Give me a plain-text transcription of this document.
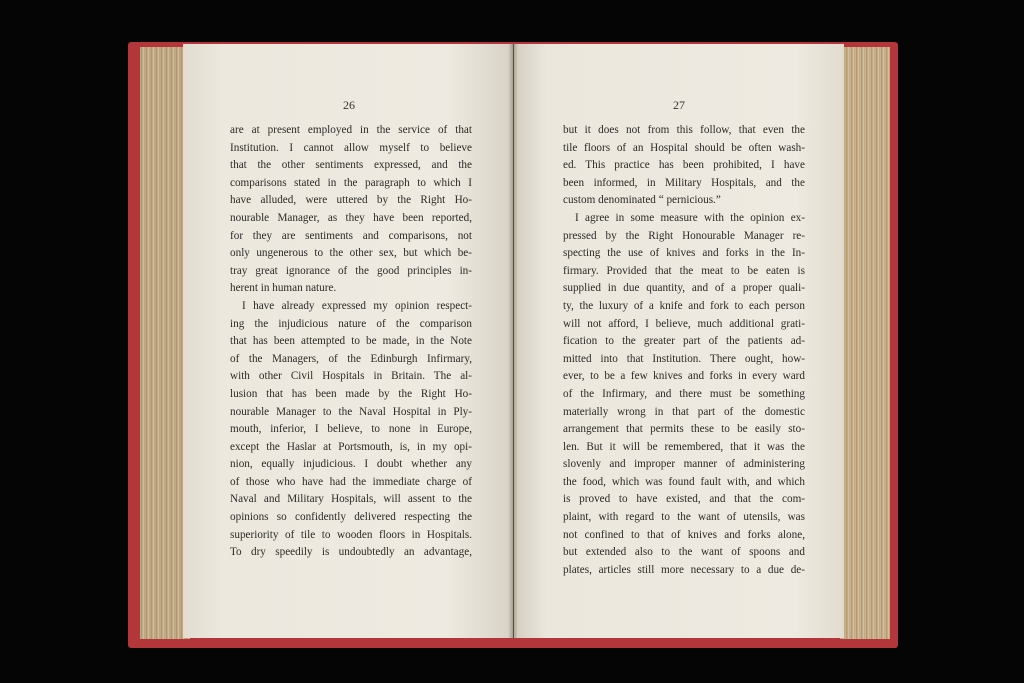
26	27
are at present employed in the service of that
Institution. I cannot allow myself to believe
that the other sentiments expressed, and the
comparisons stated in the paragraph to which I
have alluded, were uttered by the Right Ho-
nourable Manager, as they have been reported,
for they are sentiments and comparisons, not
only ungenerous to the other sex, but which be-
tray great ignorance of the good principles in-
herent in human nature.
I have already expressed my opinion respect-
ing the injudicious nature of the comparison
that has been attempted to be made, in the Note
of the Managers, of the Edinburgh Infirmary,
with other Civil Hospitals in Britain. The al-
lusion that has been made by the Right Ho-
nourable Manager to the Naval Hospital in Ply-
mouth, inferior, I believe, to none in Europe,
except the Haslar at Portsmouth, is, in my opi-
nion, equally injudicious. I doubt whether any
of those who have had the immediate charge of
Naval and Military Hospitals, will assent to the
opinions so confidently delivered respecting the
superiority of tile to wooden floors in Hospitals.
To dry speedily is undoubtedly an advantage,
but it does not from this follow, that even the
tile floors of an Hospital should be often wash-
ed. This practice has been prohibited, I have
been informed, in Military Hospitals, and the
custom denominated “ pernicious.”
I agree in some measure with the opinion ex-
pressed by the Right Honourable Manager re-
specting the use of knives and forks in the In-
firmary. Provided that the meat to be eaten is
supplied in due quantity, and of a proper quali-
ty, the luxury of a knife and fork to each person
will not afford, I believe, much additional grati-
fication to the greater part of the patients ad-
mitted into that Institution. There ought, how-
ever, to be a few knives and forks in every ward
of the Infirmary, and there must be something
materially wrong in that part of the domestic
arrangement that permits these to be easily sto-
len. But it will be remembered, that it was the
slovenly and improper manner of administering
the food, which was found fault with, and which
is proved to have existed, and that the com-
plaint, with regard to the want of utensils, was
not confined to that of knives and forks alone,
but extended also to the want of spoons and
plates, articles still more necessary to a due de-
